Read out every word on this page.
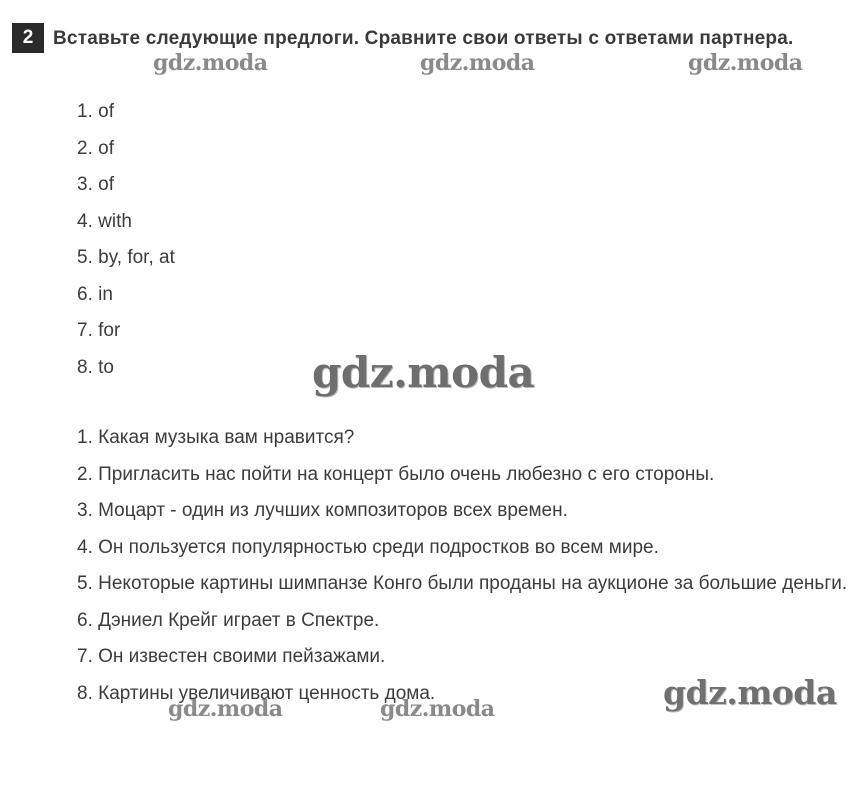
2	Вставьте следующие предлоги. Сравните свои ответы с ответами партнера.
1. of
2. of
3. of
4. with
5. by, for, at
6. in
7. for
8. to
1. Какая музыка вам нравится?
2. Пригласить нас пойти на концерт было очень любезно с его стороны.
3. Моцарт - один из лучших композиторов всех времен.
4. Он пользуется популярностью среди подростков во всем мире.
5. Некоторые картины шимпанзе Конго были проданы на аукционе за большие деньги.
6. Дэниел Крейг играет в Спектре.
7. Он известен своими пейзажами.
8. Картины увеличивают ценность дома.
gdz.moda	gdz.moda	gdz.moda
gdz.moda
gdz.moda
gdz.moda	gdz.moda
